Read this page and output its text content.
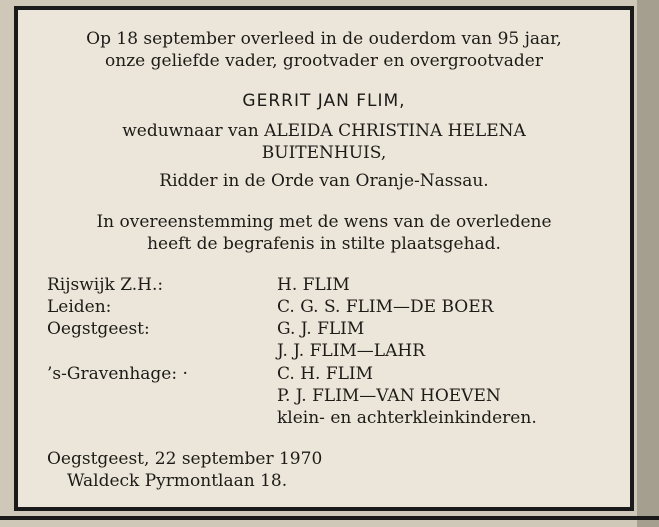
Op 18 september overleed in de ouderdom van 95 jaar,
onze geliefde vader, grootvader en overgrootvader
GERRIT JAN FLIM,
weduwnaar van ALEIDA CHRISTINA HELENA
BUITENHUIS,
Ridder in de Orde van Oranje-Nassau.
In overeenstemming met de wens van de overledene
heeft de begrafenis in stilte plaatsgehad.
Rijswijk Z.H.:	H. FLIM
Leiden:	C. G. S. FLIM—DE BOER
Oegstgeest:	G. J. FLIM
J. J. FLIM—LAHR
’s-Gravenhage: ·	C. H. FLIM
P. J. FLIM—VAN HOEVEN
klein- en achterkleinkinderen.
Oegstgeest, 22 september 1970
Waldeck Pyrmontlaan 18.
